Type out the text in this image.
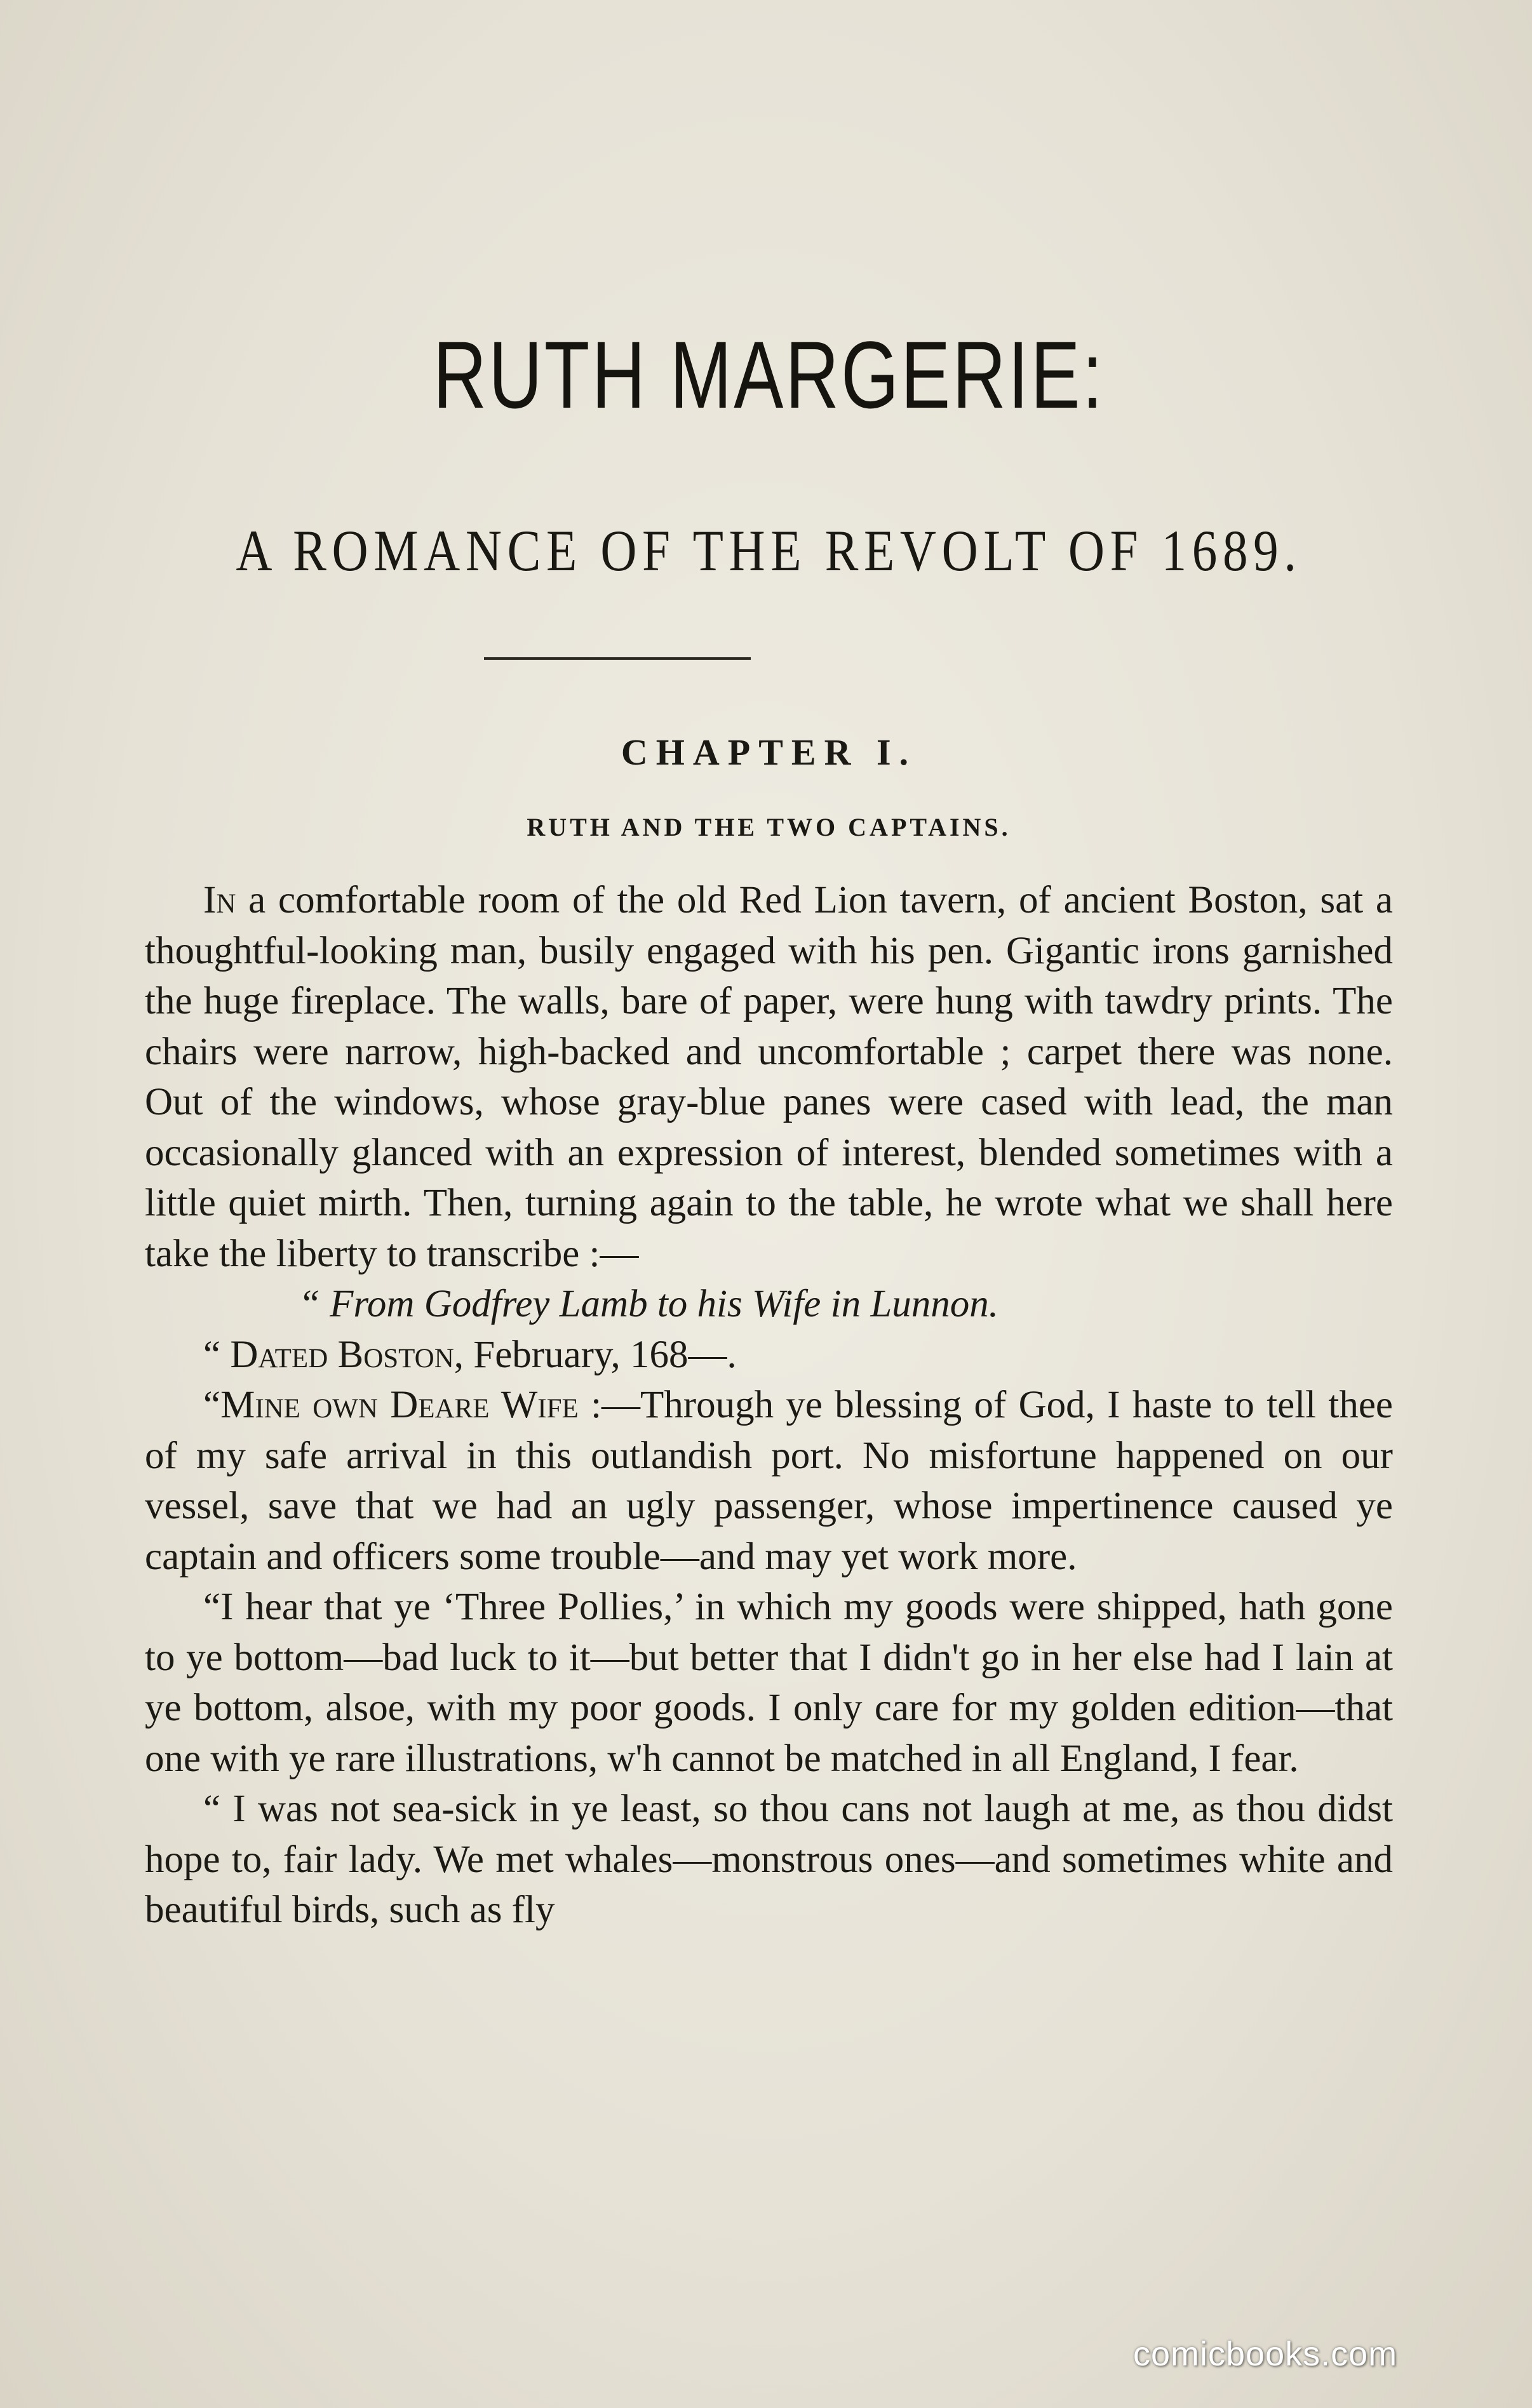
RUTH MARGERIE:
A ROMANCE OF THE REVOLT OF 1689.
CHAPTER I.
RUTH AND THE TWO CAPTAINS.

In a comfortable room of the old Red Lion tavern, of ancient Boston, sat a thoughtful-looking man, busily engaged with his pen. Gigantic irons garnished the huge fireplace. The walls, bare of paper, were hung with tawdry prints. The chairs were narrow, high-backed and uncomfortable ; carpet there was none. Out of the windows, whose gray-blue panes were cased with lead, the man occasionally glanced with an expression of interest, blended sometimes with a little quiet mirth. Then, turning again to the table, he wrote what we shall here take the liberty to transcribe :—

“ From Godfrey Lamb to his Wife in Lunnon.

“ Dated Boston, February, 168—.

“Mine own Deare Wife :—Through ye blessing of God, I haste to tell thee of my safe arrival in this outlandish port. No misfortune happened on our vessel, save that we had an ugly passenger, whose impertinence caused ye captain and officers some trouble—and may yet work more.

“I hear that ye ‘Three Pollies,’ in which my goods were shipped, hath gone to ye bottom—bad luck to it—but better that I didn't go in her else had I lain at ye bottom, alsoe, with my poor goods. I only care for my golden edition—that one with ye rare illustrations, w'h cannot be matched in all England, I fear.

“ I was not sea-sick in ye least, so thou cans not laugh at me, as thou didst hope to, fair lady. We met whales—monstrous ones—and sometimes white and beautiful birds, such as fly

comicbooks.com
